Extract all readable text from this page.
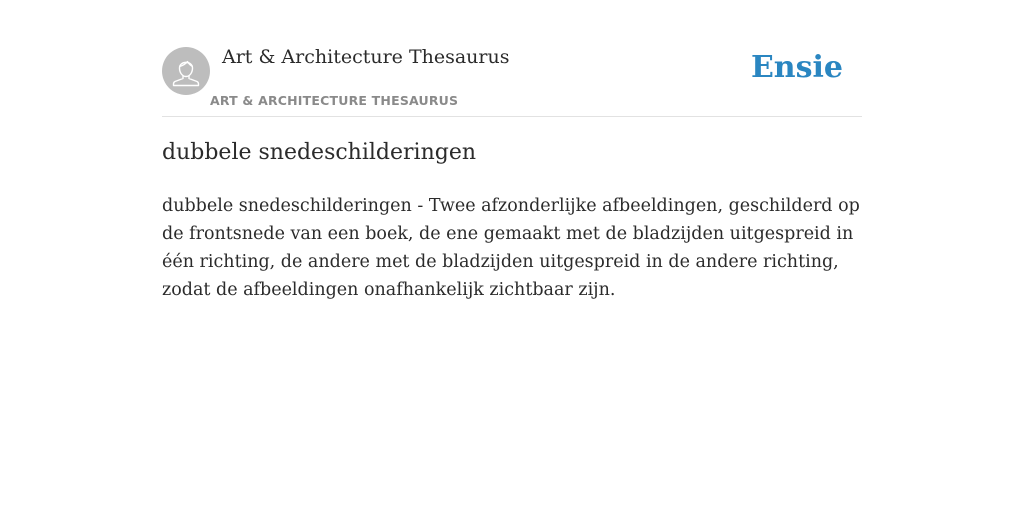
Art & Architecture Thesaurus
ART & ARCHITECTURE THESAURUS
Ensie
dubbele snedeschilderingen

dubbele snedeschilderingen - Twee afzonderlijke afbeeldingen, geschilderd op de frontsnede van een boek, de ene gemaakt met de bladzijden uitgespreid in één richting, de andere met de bladzijden uitgespreid in de andere richting, zodat de afbeeldingen onafhankelijk zichtbaar zijn.
